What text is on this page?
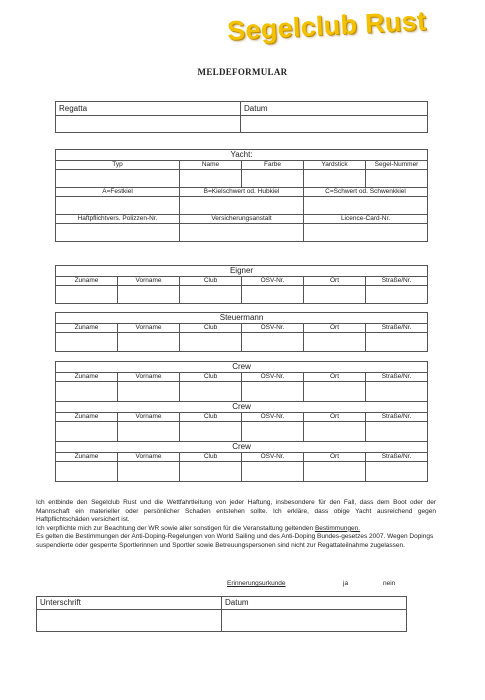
Segelclub Rust
MELDEFORMULAR
Regatta	Datum

Yacht:				
Typ	Name	Farbe	Yardstick	Segel-Nummer

A=Festkiel	B=Kielschwert od. Hubkiel		C=Schwert od. Schwenkkiel	

Haftpflichtvers. Polizzen-Nr.	Versicherungsanstalt		Licence-Card-Nr.	

Eigner					
Zuname	Vorname	Club	ÖSV-Nr.	Ort	Straße/Nr.

Steuermann					
Zuname	Vorname	Club	ÖSV-Nr.	Ort	Straße/Nr.

Crew					
Zuname	Vorname	Club	ÖSV-Nr.	Ort	Straße/Nr.

Crew					
Zuname	Vorname	Club	ÖSV-Nr.	Ort	Straße/Nr.

Crew					
Zuname	Vorname	Club	ÖSV-Nr.	Ort	Straße/Nr.

Ich entbinde den Segelclub Rust und die Wettfahrtleitung von jeder Haftung, insbesondere für den Fall, dass dem Boot oder der Mannschaft ein materieller oder persönlicher Schaden entstehen sollte. Ich erkläre, dass obige Yacht ausreichend gegen Haftpflichtschäden versichert ist.

Ich verpflichte mich zur Beachtung der WR sowie aller sonstigen für die Veranstaltung geltenden Bestimmungen.

Es gelten die Bestimmungen der Anti-Doping-Regelungen von World Sailing und des Anti-Doping Bundes-gesetzes 2007. Wegen Dopings suspendierte oder gesperrte Sportlerinnen und Sportler sowie Betreuungspersonen sind nicht zur Regattateilnahme zugelassen.

Erinnerungsurkunde	ja	nein
Unterschrift	Datum
